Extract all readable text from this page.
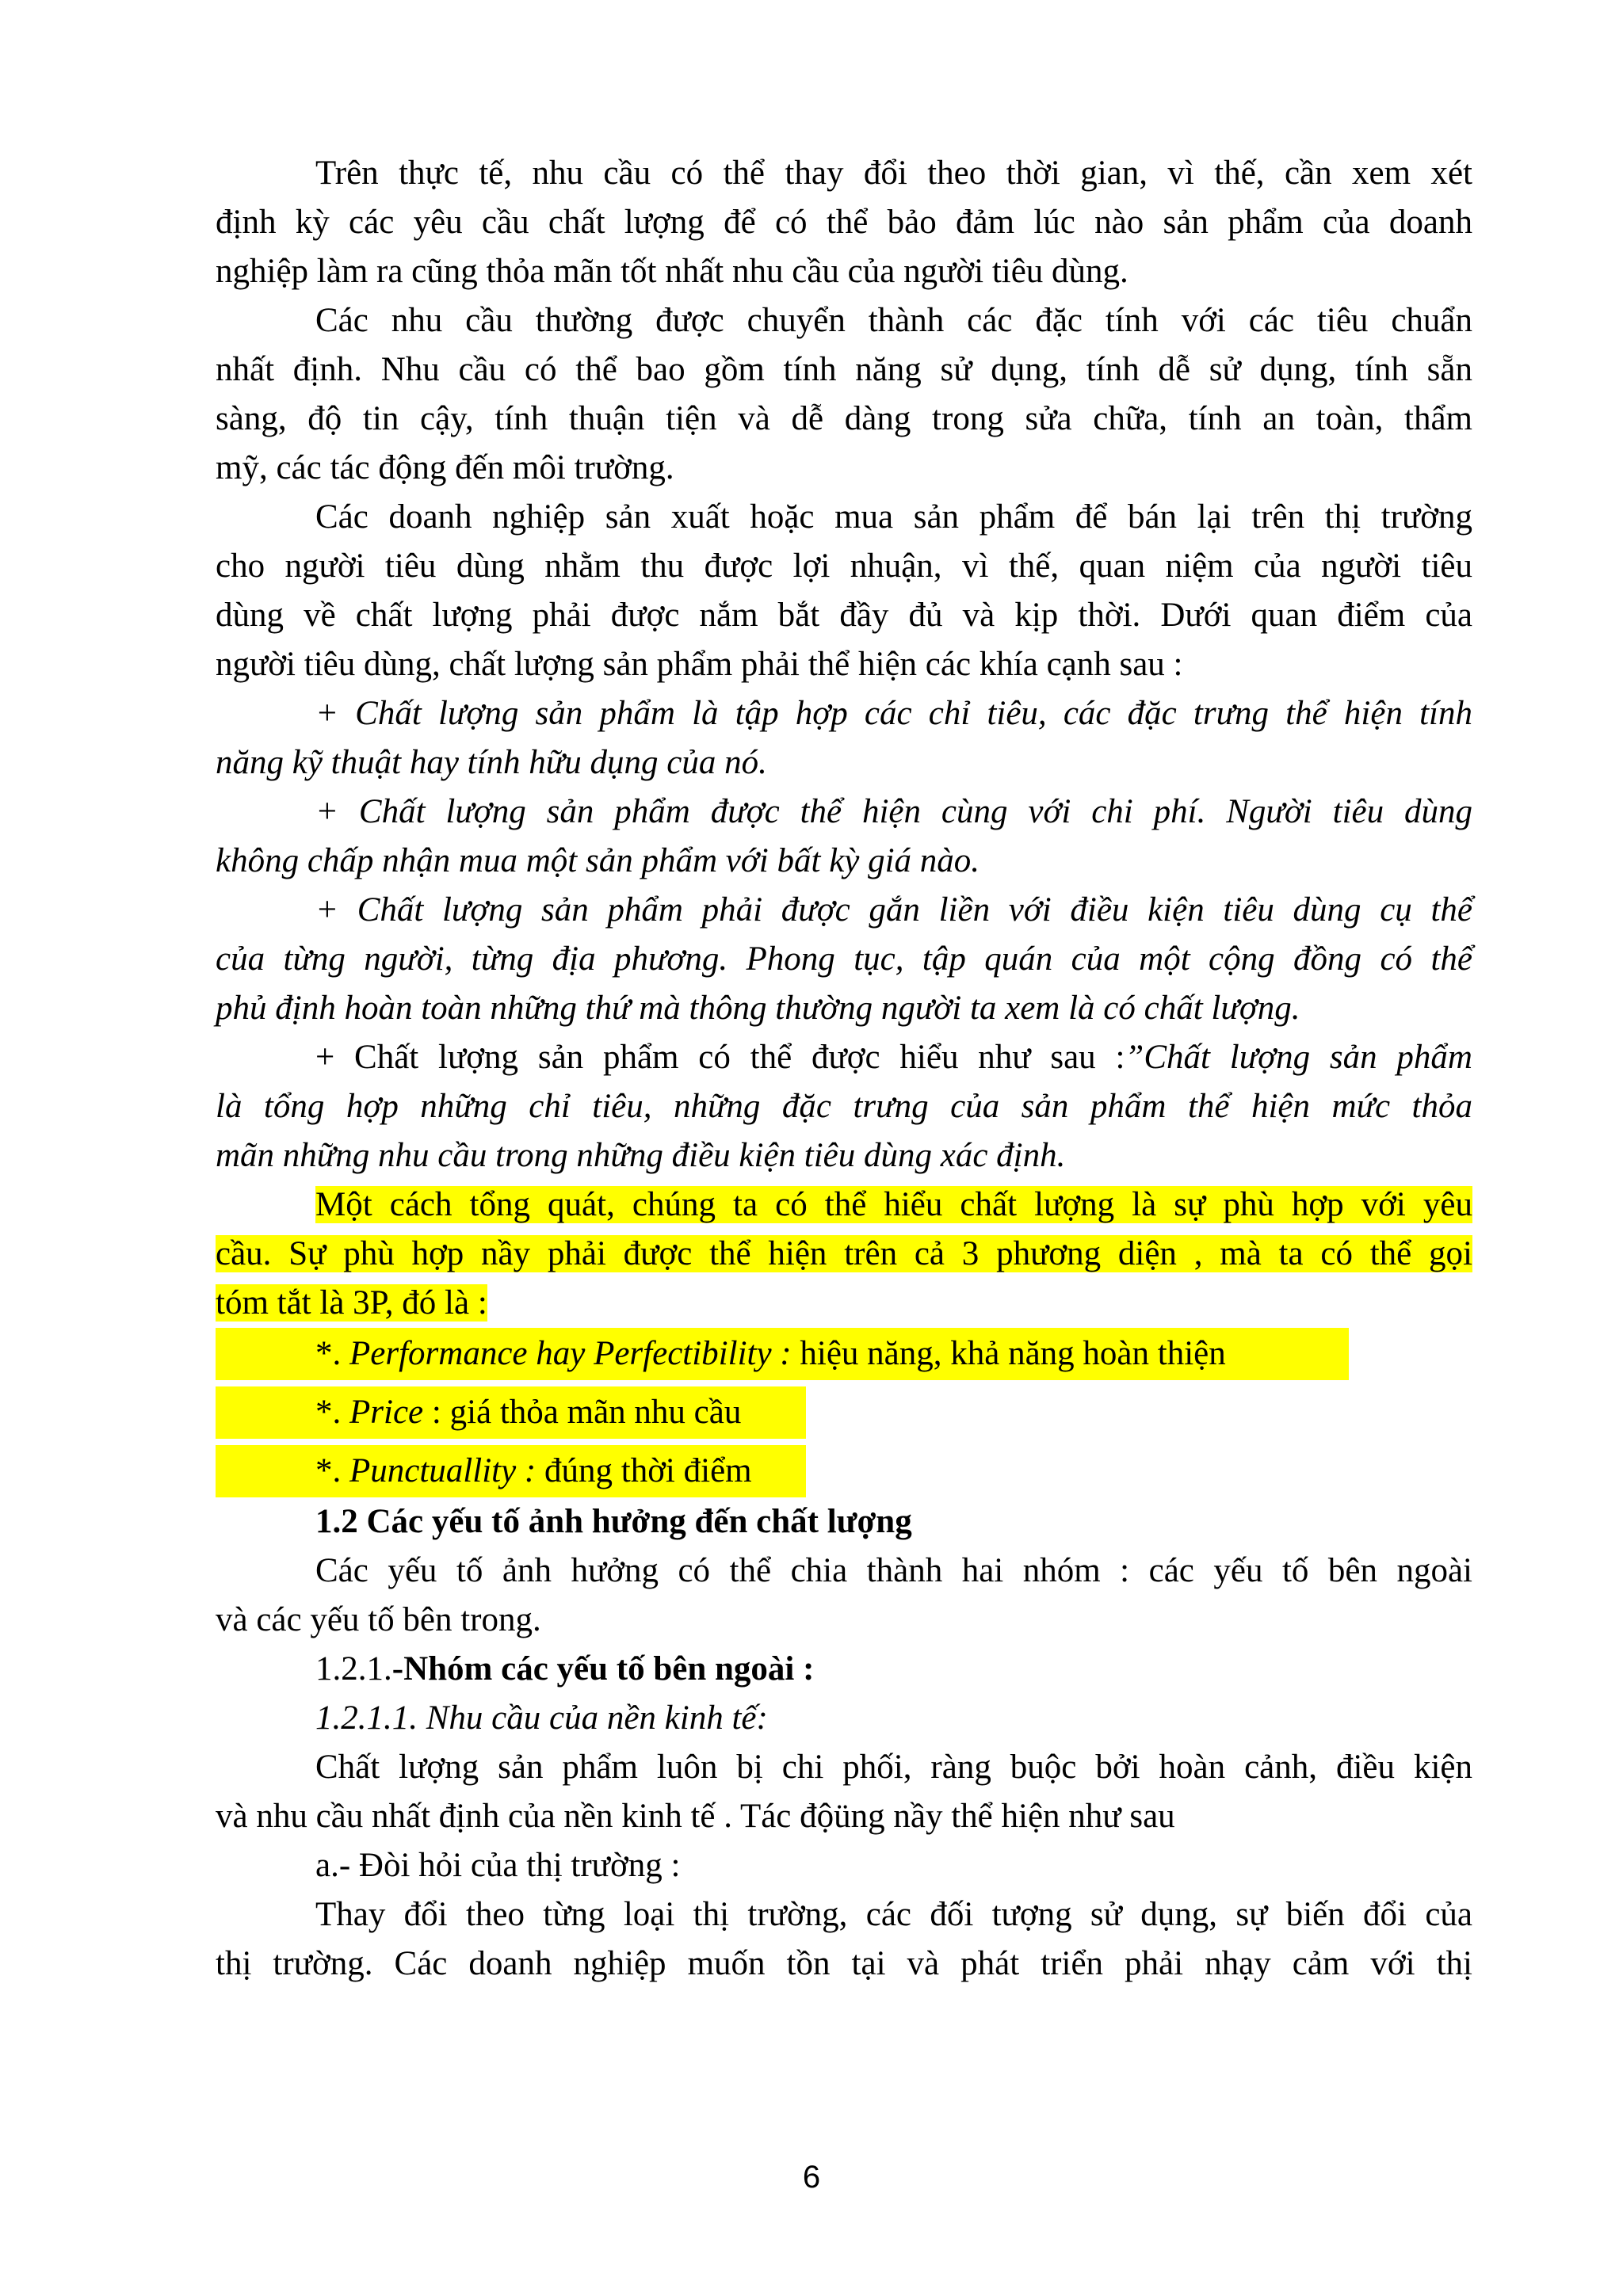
Trên thực tế, nhu cầu có thể thay đổi theo thời gian, vì thế, cần xem xét
định kỳ các yêu cầu chất lượng để có thể bảo đảm lúc nào sản phẩm của doanh
nghiệp làm ra cũng thỏa mãn tốt nhất nhu cầu của người tiêu dùng.
Các nhu cầu thường được chuyển thành các đặc tính với các tiêu chuẩn
nhất định. Nhu cầu có thể bao gồm tính năng sử dụng, tính dễ sử dụng, tính sẵn
sàng, độ tin cậy, tính thuận tiện và dễ dàng trong sửa chữa, tính an toàn, thẩm
mỹ, các tác động đến môi trường.
Các doanh nghiệp sản xuất hoặc mua sản phẩm để bán lại trên thị trường
cho người tiêu dùng nhằm thu được lợi nhuận, vì thế, quan niệm của người tiêu
dùng về chất lượng phải được nắm bắt đầy đủ và kịp thời. Dưới quan điểm của
người tiêu dùng, chất lượng sản phẩm phải thể hiện các khía cạnh sau :
+ Chất lượng sản phẩm là tập hợp các chỉ tiêu, các đặc trưng thể hiện tính
năng kỹ thuật hay tính hữu dụng của nó.
+ Chất lượng sản phẩm được thể hiện cùng với chi phí. Người tiêu dùng
không chấp nhận mua một sản phẩm với bất kỳ giá nào.
+ Chất lượng sản phẩm phải được gắn liền với điều kiện tiêu dùng cụ thể
của từng người, từng địa phương. Phong tục, tập quán của một cộng đồng có thể
phủ định hoàn toàn những thứ mà thông thường người ta xem là có chất lượng.
+ Chất lượng sản phẩm có thể được hiểu như sau :”Chất lượng sản phẩm
là tổng hợp những chỉ tiêu, những đặc trưng của sản phẩm thể hiện mức thỏa
mãn những nhu cầu trong những điều kiện tiêu dùng xác định.
Một cách tổng quát, chúng ta có thể hiểu chất lượng là sự phù hợp với yêu
cầu. Sự phù hợp nầy phải được thể hiện trên cả 3 phương diện , mà ta có thể gọi
tóm tắt là 3P, đó là :
*. Performance hay Perfectibility : hiệu năng, khả năng hoàn thiện
*. Price : giá thỏa mãn nhu cầu
*. Punctuallity : đúng thời điểm
1.2 Các yếu tố ảnh hưởng đến chất lượng
Các yếu tố ảnh hưởng có thể chia thành hai nhóm : các yếu tố bên ngoài
và các yếu tố bên trong.
1.2.1.-Nhóm các yếu tố bên ngoài :
1.2.1.1. Nhu cầu của nền kinh tế:
Chất lượng sản phẩm luôn bị chi phối, ràng buộc bởi hoàn cảnh, điều kiện
và nhu cầu nhất định của nền kinh tế . Tác độüng nầy thể hiện như sau
a.- Đòi hỏi của thị trường :
Thay đổi theo từng loại thị trường, các đối tượng sử dụng, sự biến đổi của
thị trường. Các doanh nghiệp muốn tồn tại và phát triển phải nhạy cảm với thị
6
